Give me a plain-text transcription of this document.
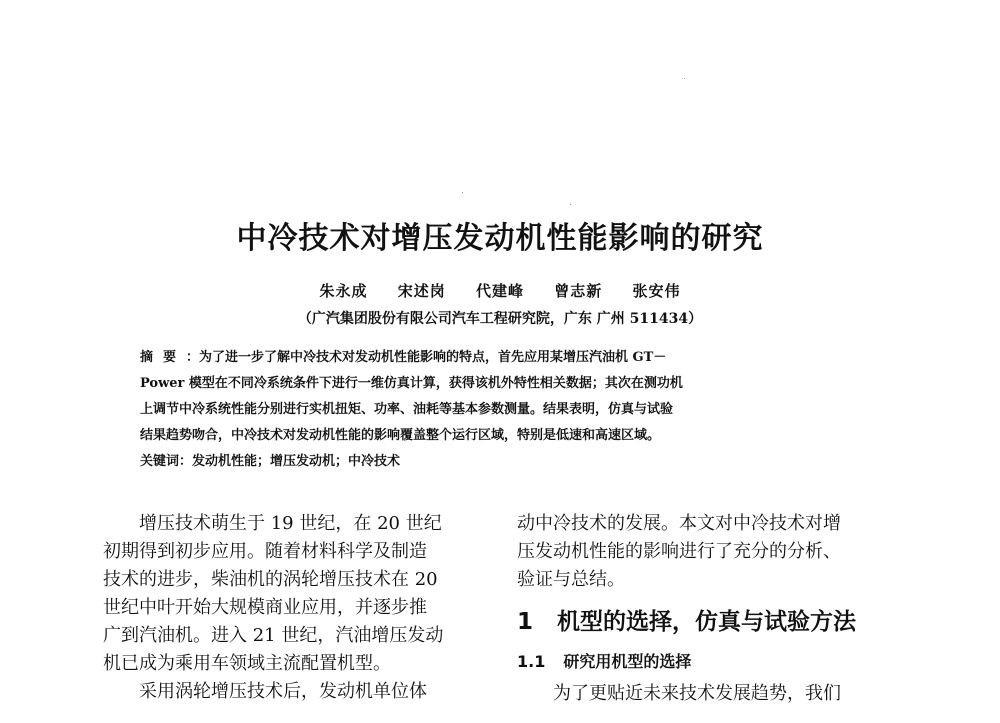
中冷技术对增压发动机性能影响的研究
朱永成 宋述岗 代建峰 曾志新 张安伟
（广汽集团股份有限公司汽车工程研究院，广东 广州 511434）
摘要：为了进一步了解中冷技术对发动机性能影响的特点，首先应用某增压汽油机 GT－
Power 模型在不同冷系统条件下进行一维仿真计算，获得该机外特性相关数据；其次在测功机
上调节中冷系统性能分别进行实机扭矩、功率、油耗等基本参数测量。结果表明，仿真与试验
结果趋势吻合，中冷技术对发动机性能的影响覆盖整个运行区域，特别是低速和高速区域。
关键词：发动机性能；增压发动机；中冷技术
增压技术萌生于 19 世纪，在 20 世纪
初期得到初步应用。随着材料科学及制造
技术的进步，柴油机的涡轮增压技术在 20
世纪中叶开始大规模商业应用，并逐步推
广到汽油机。进入 21 世纪，汽油增压发动
机已成为乘用车领域主流配置机型。
采用涡轮增压技术后，发动机单位体
动中冷技术的发展。本文对中冷技术对增
压发动机性能的影响进行了充分的分析、
验证与总结。
1 机型的选择，仿真与试验方法
1.1 研究用机型的选择
为了更贴近未来技术发展趋势，我们
